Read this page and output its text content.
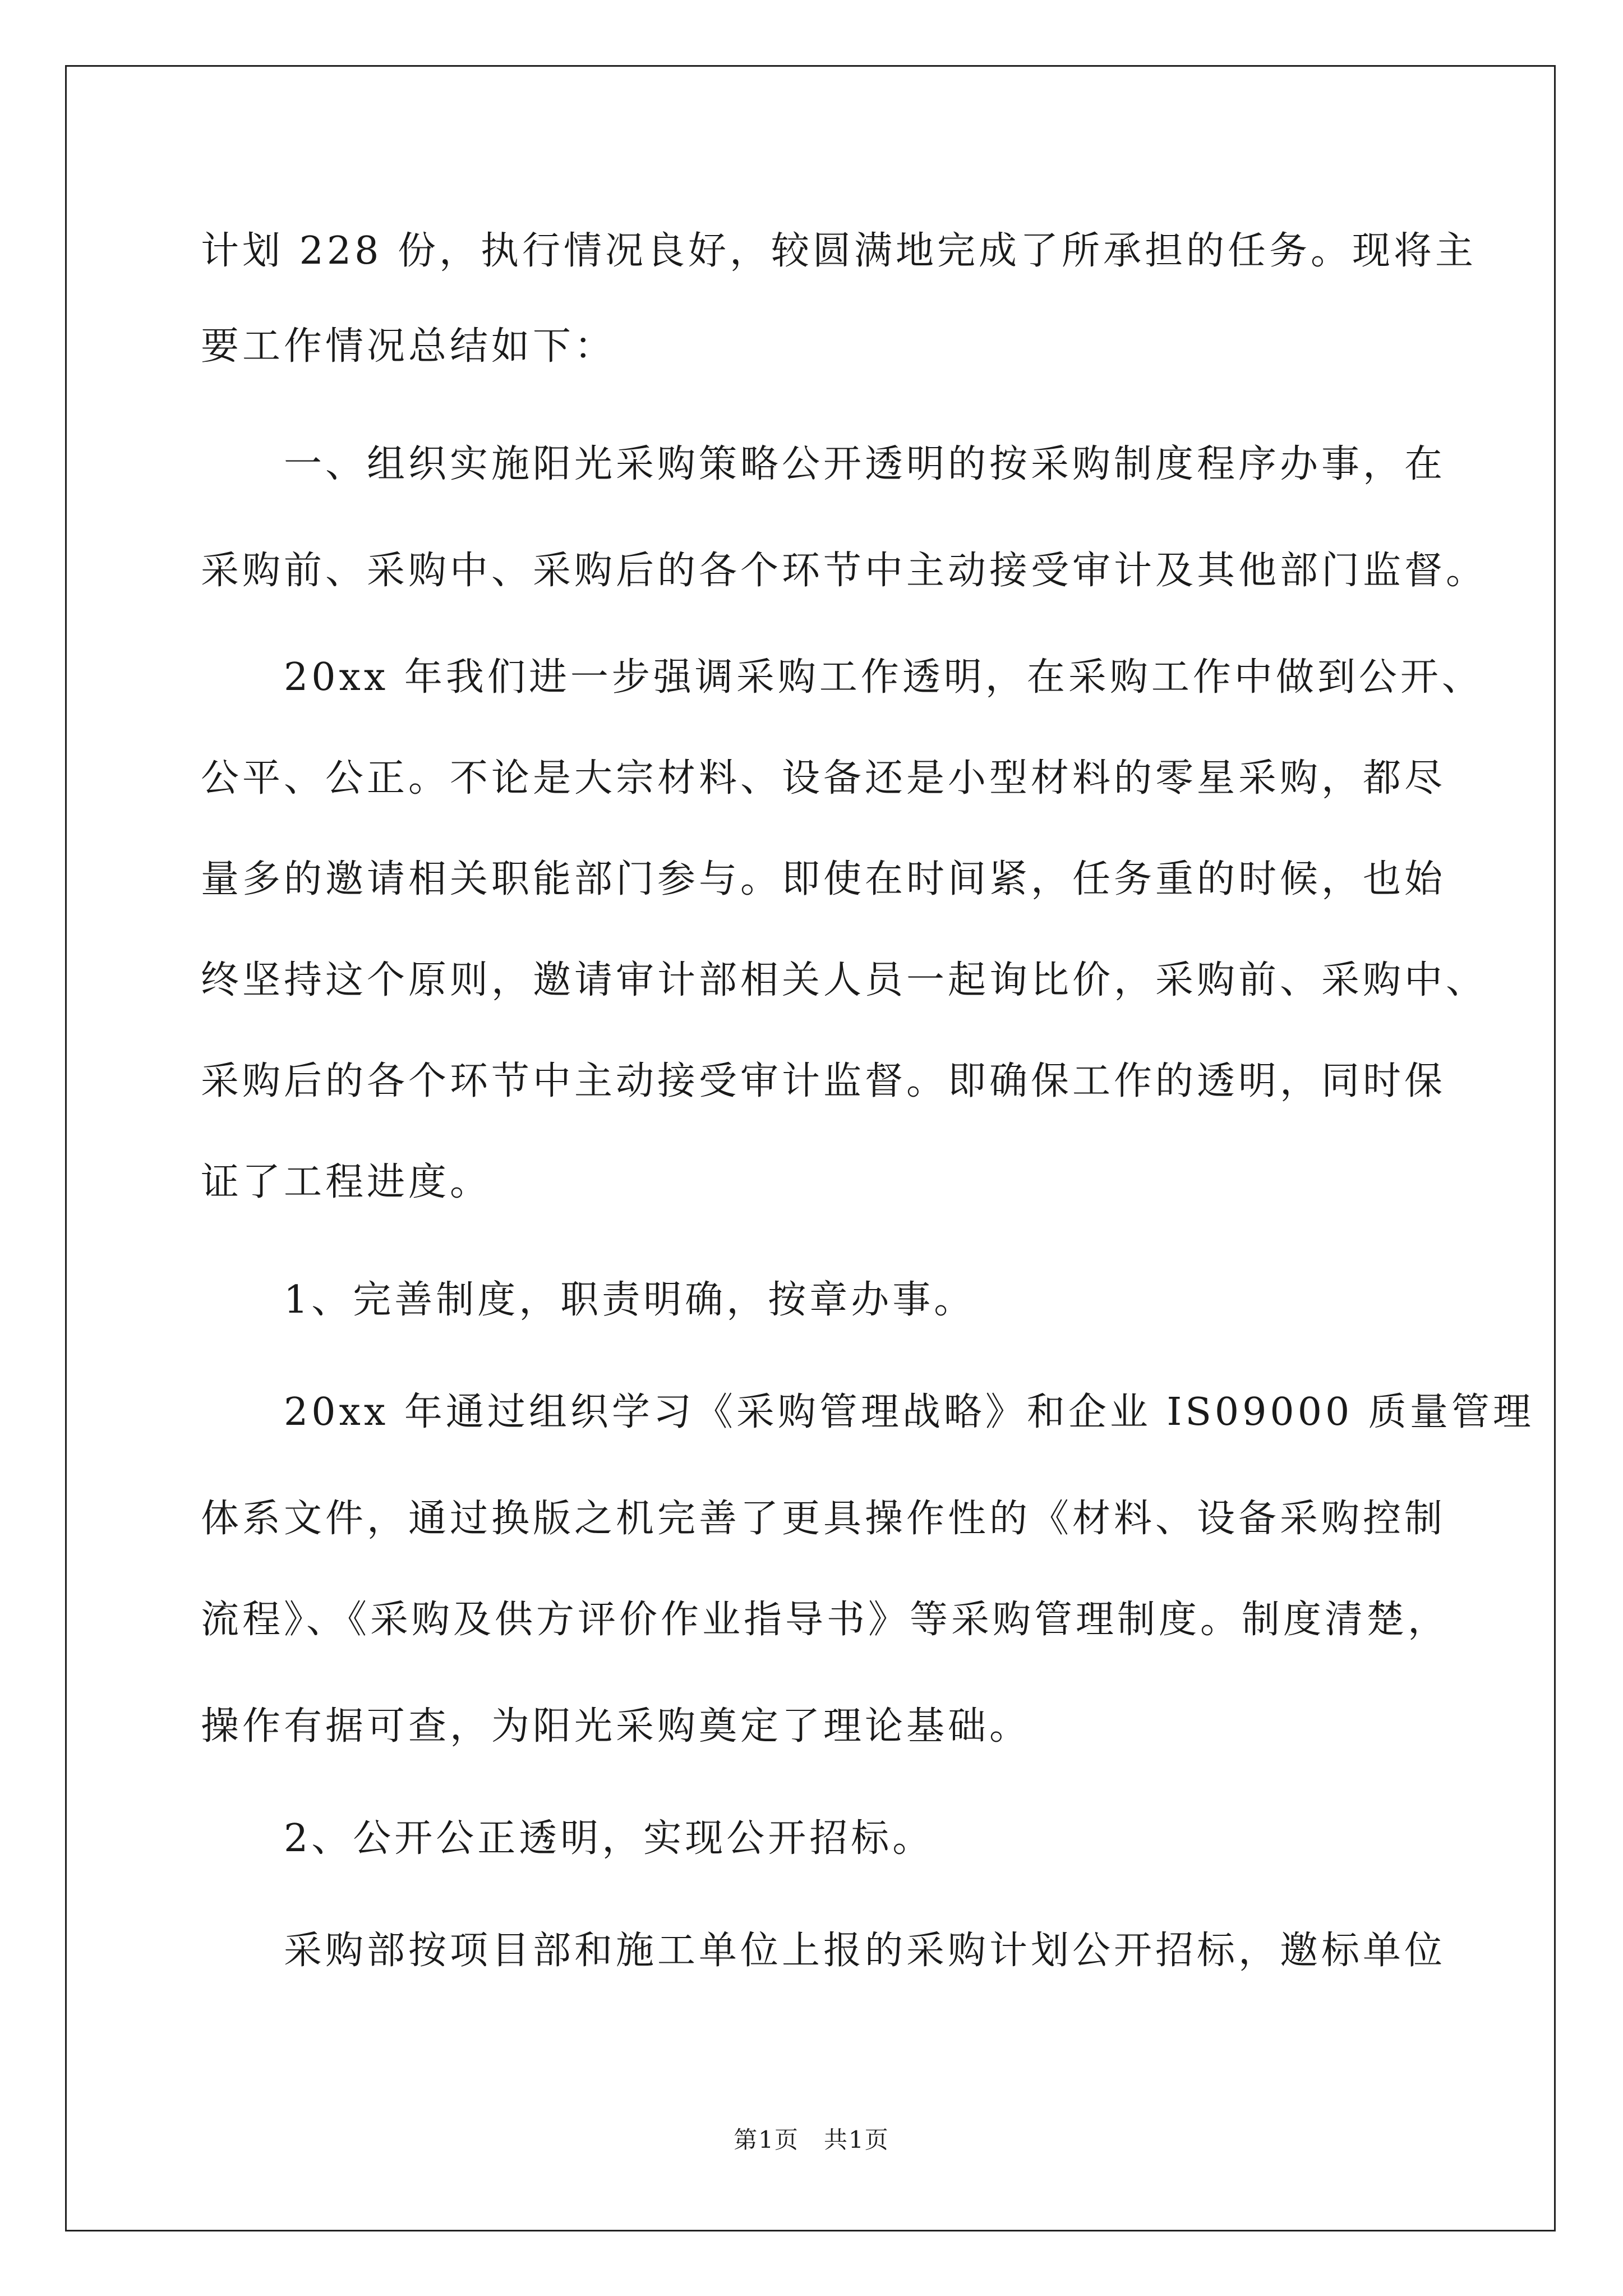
计划 228 份，执行情况良好，较圆满地完成了所承担的任务。现将主
要工作情况总结如下：
　　一、组织实施阳光采购策略公开透明的按采购制度程序办事，在
采购前、采购中、采购后的各个环节中主动接受审计及其他部门监督。
　　20xx 年我们进一步强调采购工作透明，在采购工作中做到公开、
公平、公正。不论是大宗材料、设备还是小型材料的零星采购，都尽
量多的邀请相关职能部门参与。即使在时间紧，任务重的时候，也始
终坚持这个原则，邀请审计部相关人员一起询比价，采购前、采购中、
采购后的各个环节中主动接受审计监督。即确保工作的透明，同时保
证了工程进度。
　　1、完善制度，职责明确，按章办事。
　　20xx 年通过组织学习《采购管理战略》和企业 IS09000 质量管理
体系文件，通过换版之机完善了更具操作性的《材料、设备采购控制
流程》、《采购及供方评价作业指导书》等采购管理制度。制度清楚，
操作有据可查，为阳光采购奠定了理论基础。
　　2、公开公正透明，实现公开招标。
　　采购部按项目部和施工单位上报的采购计划公开招标，邀标单位
第1页　共1页
